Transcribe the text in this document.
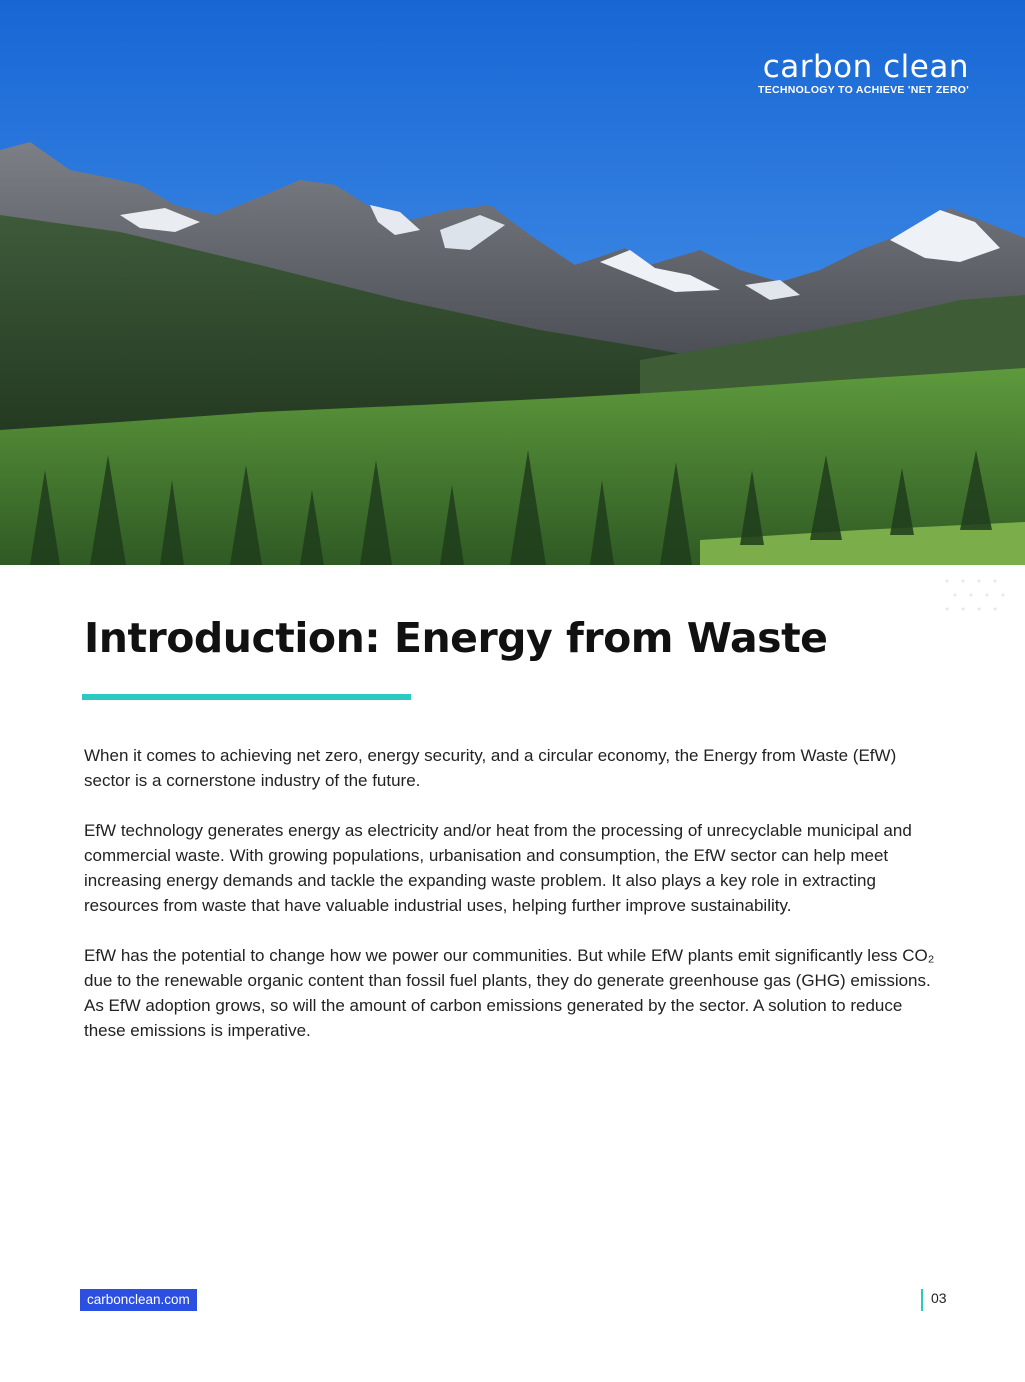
carbon clean
TECHNOLOGY TO ACHIEVE 'NET ZERO'
Introduction: Energy from Waste

When it comes to achieving net zero, energy security, and a circular economy, the Energy from Waste (EfW) sector is a cornerstone industry of the future.

EfW technology generates energy as electricity and/or heat from the processing of unrecyclable municipal and commercial waste. With growing populations, urbanisation and consumption, the EfW sector can help meet increasing energy demands and tackle the expanding waste problem. It also plays a key role in extracting resources from waste that have valuable industrial uses, helping further improve sustainability.

EfW has the potential to change how we power our communities. But while EfW plants emit significantly less CO₂ due to the renewable organic content than fossil fuel plants, they do generate greenhouse gas (GHG) emissions. As EfW adoption grows, so will the amount of carbon emissions generated by the sector. A solution to reduce these emissions is imperative.

carbonclean.com	03
